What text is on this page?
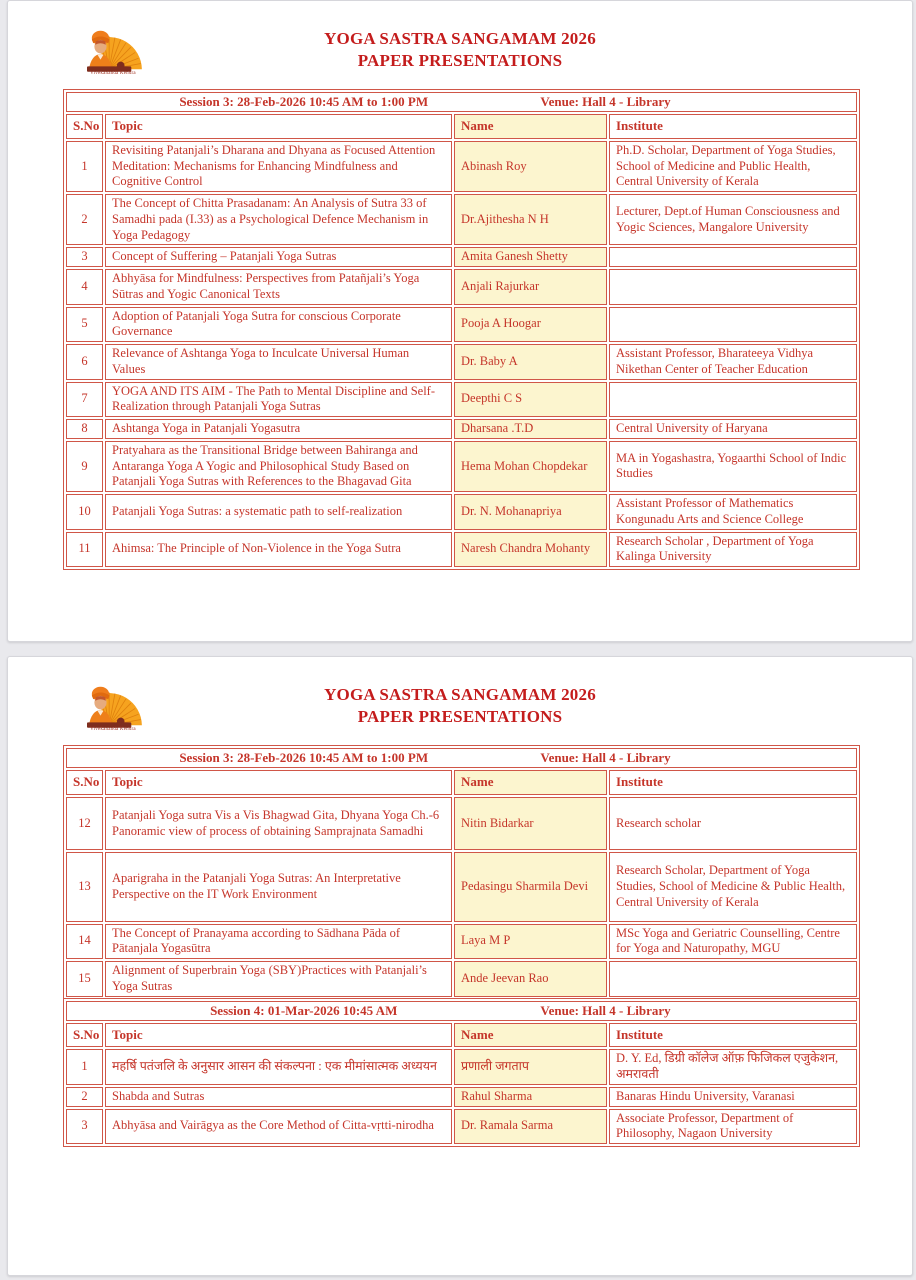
Vivekananda Kendra
YOGA SASTRA SANGAMAM 2026
PAPER PRESENTATIONS
Session 3: 28-Feb-2026 10:45 AM to 1:00 PM Venue: Hall 4 - Library			

S.No	Topic	Name	Institute
1	Revisiting Patanjali’s Dharana and Dhyana as Focused Attention Meditation: Mechanisms for Enhancing Mindfulness and Cognitive Control	Abinash Roy	Ph.D. Scholar, Department of Yoga Studies, School of Medicine and Public Health, Central University of Kerala
2	The Concept of Chitta Prasadanam: An Analysis of Sutra 33 of Samadhi pada (I.33) as a Psychological Defence Mechanism in Yoga Pedagogy	Dr.Ajithesha N H	Lecturer, Dept.of Human Consciousness and Yogic Sciences, Mangalore University
3	Concept of Suffering – Patanjali Yoga Sutras	Amita Ganesh Shetty	
4	Abhyāsa for Mindfulness: Perspectives from Patañjali’s Yoga Sūtras and Yogic Canonical Texts	Anjali Rajurkar	
5	Adoption of Patanjali Yoga Sutra for conscious Corporate Governance	Pooja A Hoogar	
6	Relevance of Ashtanga Yoga to Inculcate Universal Human Values	Dr. Baby A	Assistant Professor, Bharateeya Vidhya Nikethan Center of Teacher Education
7	YOGA AND ITS AIM - The Path to Mental Discipline and Self-Realization through Patanjali Yoga Sutras	Deepthi C S	
8	Ashtanga Yoga in Patanjali Yogasutra	Dharsana .T.D	Central University of Haryana
9	Pratyahara as the Transitional Bridge between Bahiranga and Antaranga Yoga A Yogic and Philosophical Study Based on Patanjali Yoga Sutras with References to the Bhagavad Gita	Hema Mohan Chopdekar	MA in Yogashastra, Yogaarthi School of Indic Studies
10	Patanjali Yoga Sutras: a systematic path to self-realization	Dr. N. Mohanapriya	Assistant Professor of Mathematics Kongunadu Arts and Science College
11	Ahimsa: The Principle of Non-Violence in the Yoga Sutra	Naresh Chandra Mohanty	Research Scholar , Department of Yoga Kalinga University
Vivekananda Kendra
YOGA SASTRA SANGAMAM 2026
PAPER PRESENTATIONS
Session 3: 28-Feb-2026 10:45 AM to 1:00 PM Venue: Hall 4 - Library			

S.No	Topic	Name	Institute
12	Patanjali Yoga sutra Vis a Vis Bhagwad Gita, Dhyana Yoga Ch.-6 Panoramic view of process of obtaining Samprajnata Samadhi	Nitin Bidarkar	Research scholar
13	Aparigraha in the Patanjali Yoga Sutras: An Interpretative Perspective on the IT Work Environment	Pedasingu Sharmila Devi	Research Scholar, Department of Yoga Studies, School of Medicine & Public Health, Central University of Kerala
14	The Concept of Pranayama according to Sādhana Pāda of Pātanjala Yogasūtra	Laya M P	MSc Yoga and Geriatric Counselling, Centre for Yoga and Naturopathy, MGU
15	Alignment of Superbrain Yoga (SBY)Practices with Patanjali’s Yoga Sutras	Ande Jeevan Rao	
Session 4: 01-Mar-2026 10:45 AM Venue: Hall 4 - Library			

S.No	Topic	Name	Institute
1	महर्षि पतंजलि के अनुसार आसन की संकल्पना : एक मीमांसात्मक अध्ययन	प्रणाली जगताप	D. Y. Ed, डिग्री कॉलेज ऑफ़ फिजिकल एजुकेशन, अमरावती
2	Shabda and Sutras	Rahul Sharma	Banaras Hindu University, Varanasi
3	Abhyāsa and Vairāgya as the Core Method of Citta-vṛtti-nirodha	Dr. Ramala Sarma	Associate Professor, Department of Philosophy, Nagaon University
